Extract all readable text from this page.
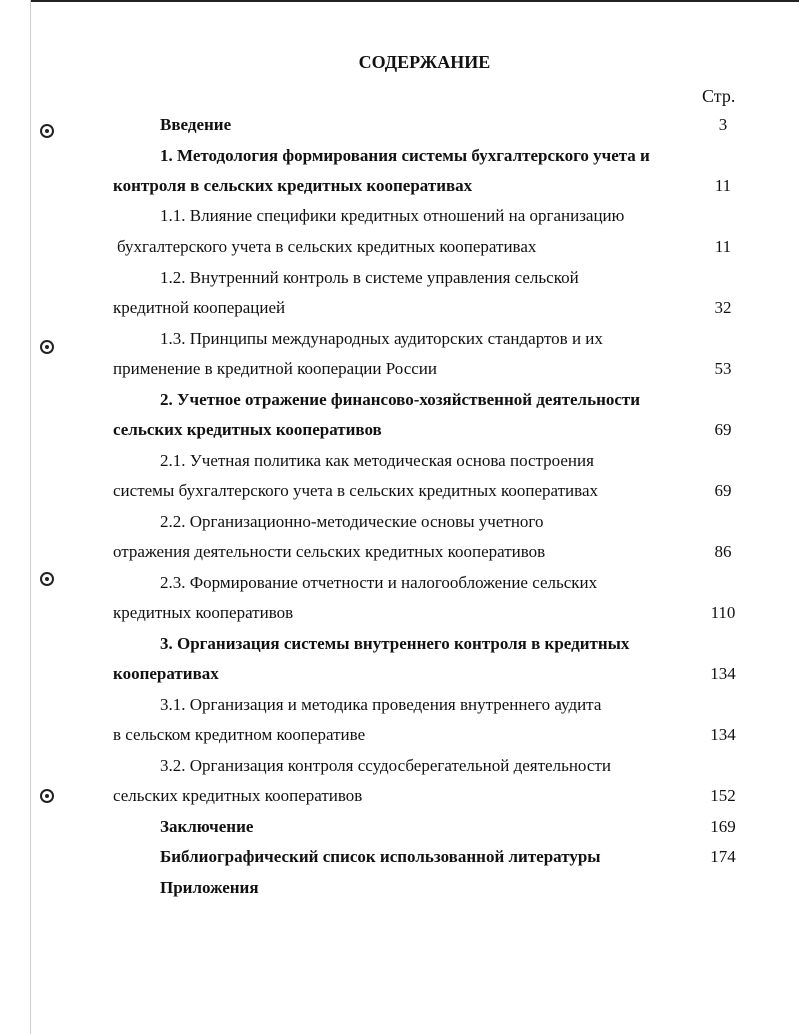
СОДЕРЖАНИЕ
Стр.
Введение	3
1. Методология формирования системы бухгалтерского учета и
контроля в сельских кредитных кооперативах	11
1.1. Влияние специфики кредитных отношений на организацию
бухгалтерского учета в сельских кредитных кооперативах	11
1.2. Внутренний контроль в системе управления сельской
кредитной кооперацией	32
1.3. Принципы международных аудиторских стандартов и их
применение в кредитной кооперации России	53
2. Учетное отражение финансово-хозяйственной деятельности
сельских кредитных кооперативов	69
2.1. Учетная политика как методическая основа построения
системы бухгалтерского учета в сельских кредитных кооперативах	69
2.2. Организационно-методические основы учетного
отражения деятельности сельских кредитных кооперативов	86
2.3. Формирование отчетности и налогообложение сельских
кредитных кооперативов	110
3. Организация системы внутреннего контроля в кредитных
кооперативах	134
3.1. Организация и методика проведения внутреннего аудита
в сельском кредитном кооперативе	134
3.2. Организация контроля ссудосберегательной деятельности
сельских кредитных кооперативов	152
Заключение	169
Библиографический список использованной литературы	174
Приложения
